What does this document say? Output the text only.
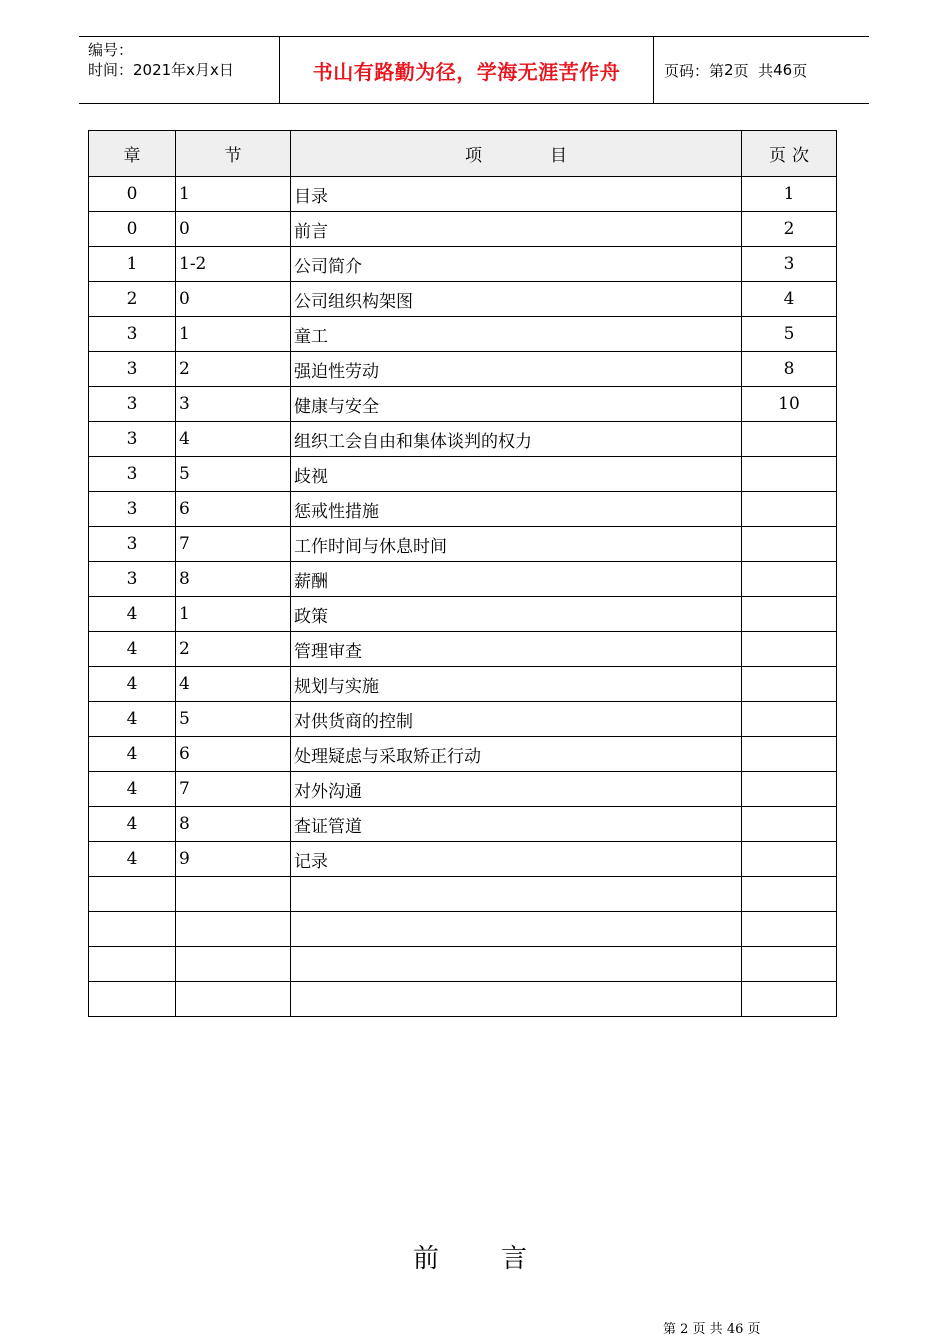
编号：
时间：2021年x月x日	书山有路勤为径，学海无涯苦作舟	页码：第 2 页  共 46 页
章	节	项 目	页 次
0	1	目录	1
0	0	前言	2
1	1-2	公司简介	3
2	0	公司组织构架图	4
3	1	童工	5
3	2	强迫性劳动	8
3	3	健康与安全	10
3	4	组织工会自由和集体谈判的权力	
3	5	歧视	
3	6	惩戒性措施	
3	7	工作时间与休息时间	
3	8	薪酬	
4	1	政策	
4	2	管理审查	
4	4	规划与实施	
4	5	对供货商的控制	
4	6	处理疑虑与采取矫正行动	
4	7	对外沟通	
4	8	查证管道	
4	9	记录	

前 言
第 2 页 共 46 页
